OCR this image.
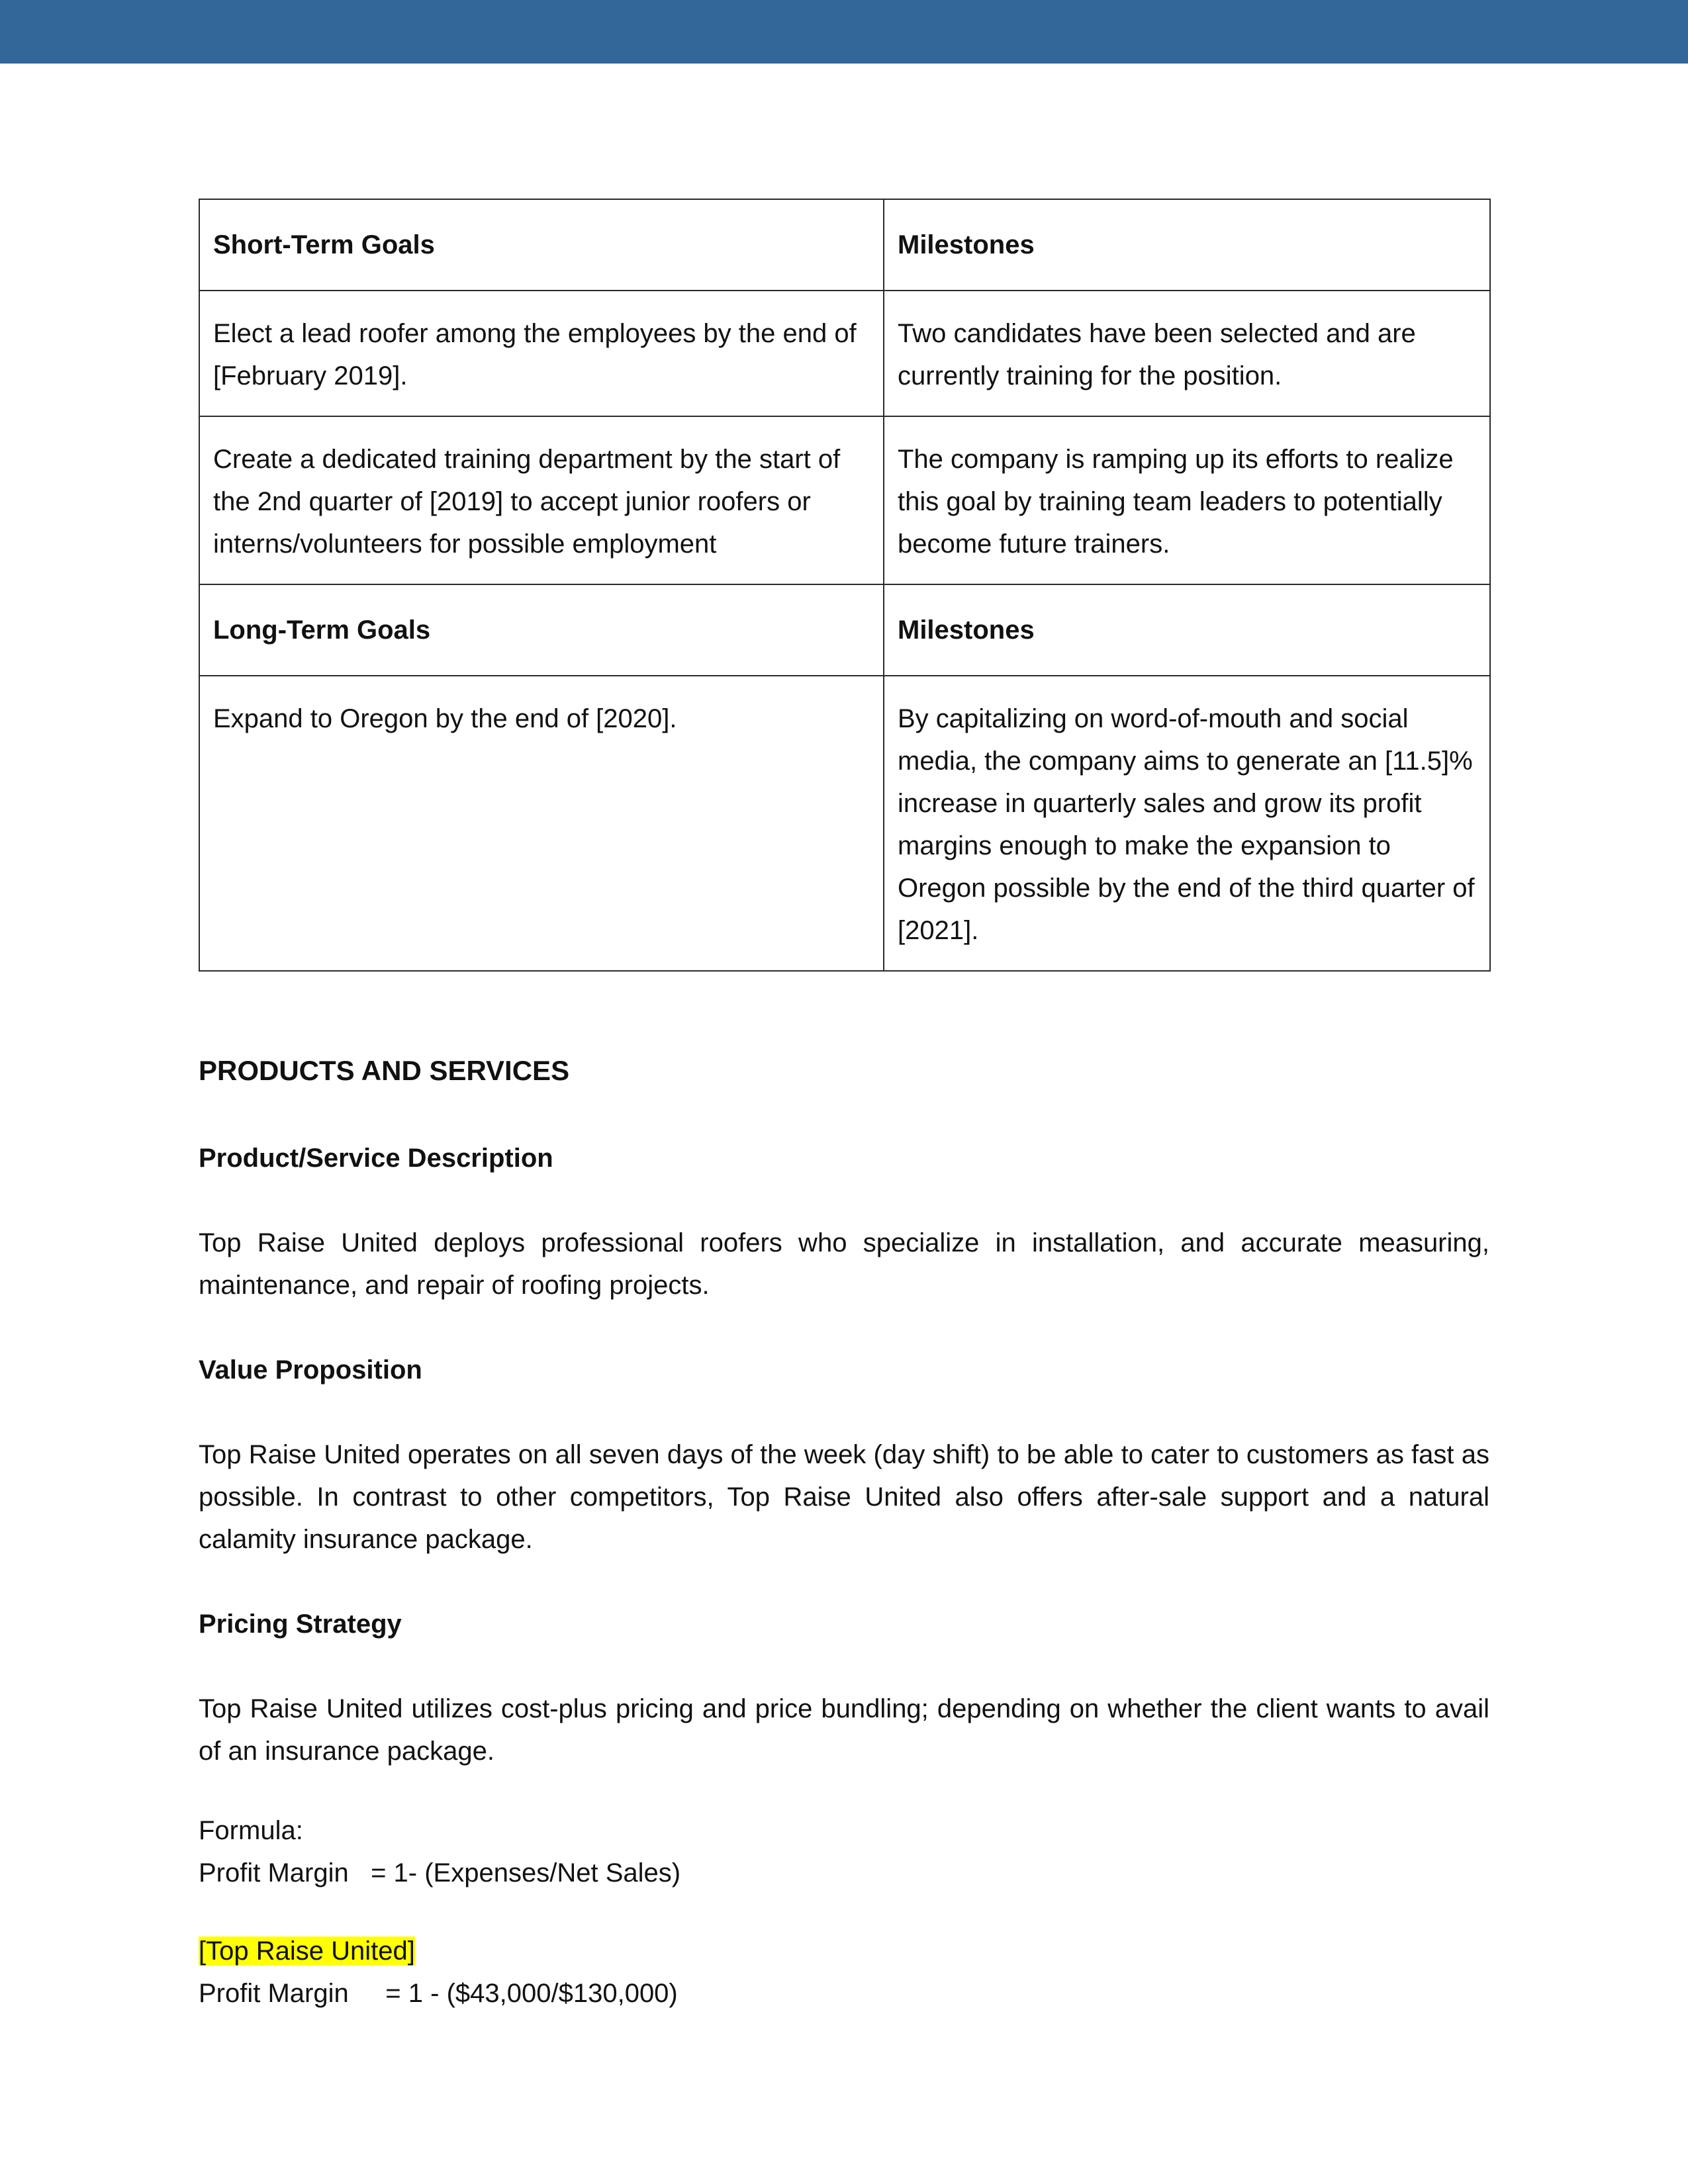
Short-Term Goals	Milestones
Elect a lead roofer among the employees by the end of [February 2019].	Two candidates have been selected and are currently training for the position.
Create a dedicated training department by the start of the 2nd quarter of [2019] to accept junior roofers or interns/volunteers for possible employment	The company is ramping up its efforts to realize this goal by training team leaders to potentially become future trainers.
Long-Term Goals	Milestones
Expand to Oregon by the end of [2020].	By capitalizing on word-of-mouth and social media, the company aims to generate an [11.5]% increase in quarterly sales and grow its profit margins enough to make the expansion to Oregon possible by the end of the third quarter of [2021].
PRODUCTS AND SERVICES
Product/Service Description

Top Raise United deploys professional roofers who specialize in installation, and accurate measuring, maintenance, and repair of roofing projects.

Value Proposition

Top Raise United operates on all seven days of the week (day shift) to be able to cater to customers as fast as possible. In contrast to other competitors, Top Raise United also offers after-sale support and a natural calamity insurance package.

Pricing Strategy

Top Raise United utilizes cost-plus pricing and price bundling; depending on whether the client wants to avail of an insurance package.

Formula:

Profit Margin   = 1- (Expenses/Net Sales)

[Top Raise United]

Profit Margin     = 1 - ($43,000/$130,000)
